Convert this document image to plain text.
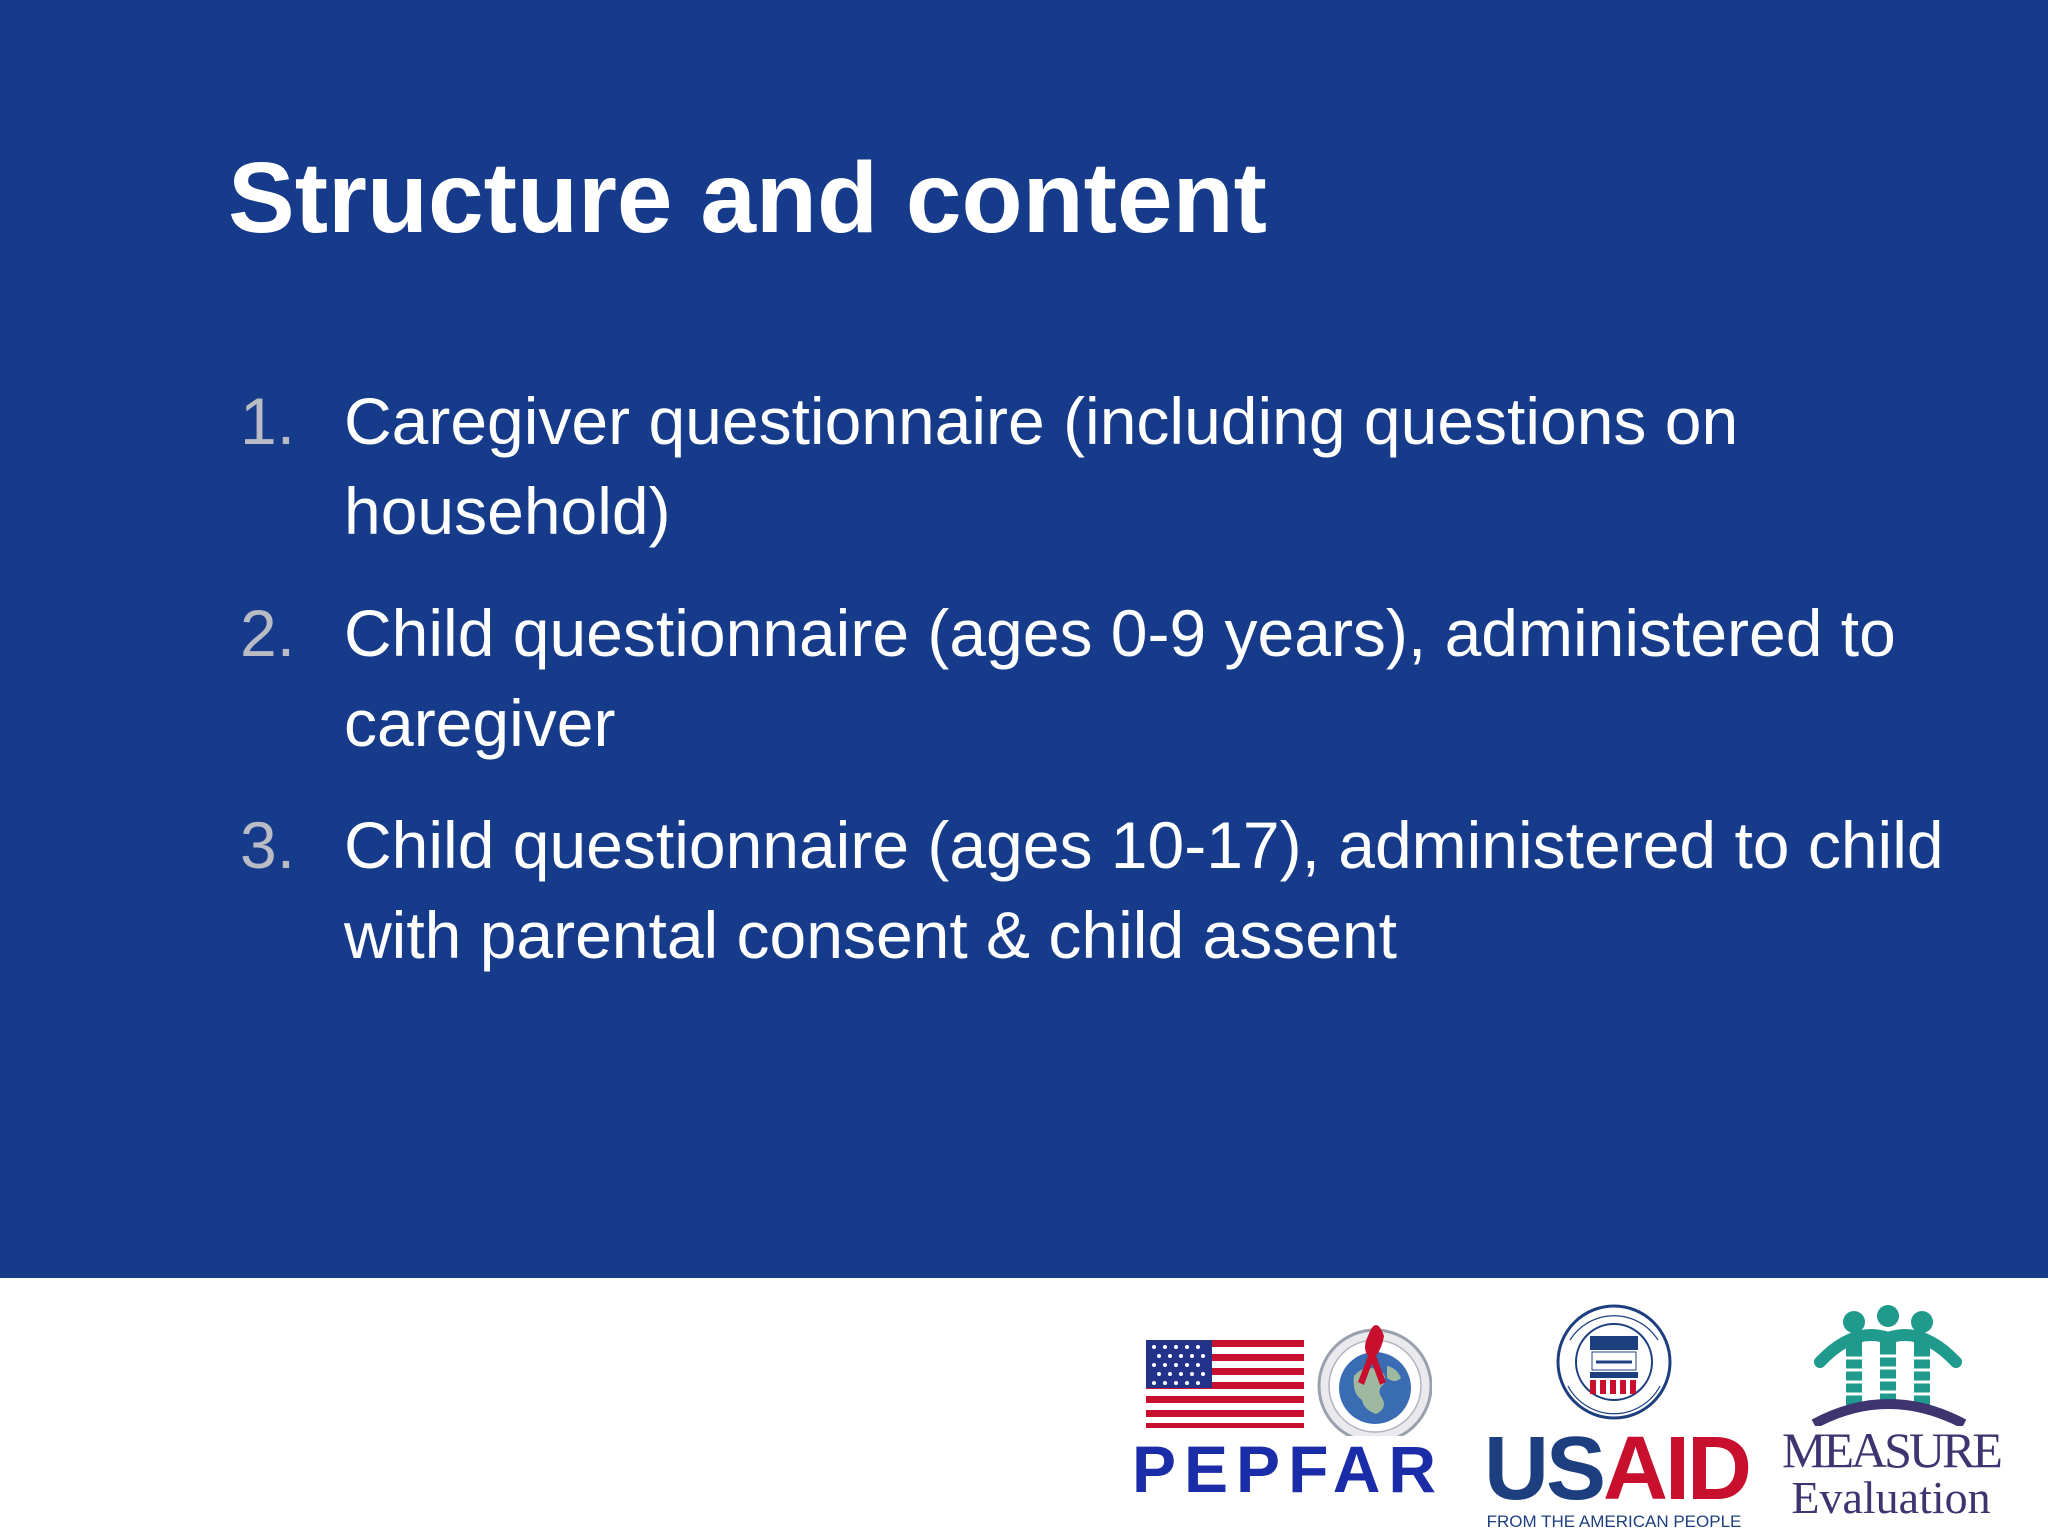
Structure and content
1. Caregiver questionnaire (including questions on household)
2. Child questionnaire (ages 0-9 years), administered to caregiver
3. Child questionnaire (ages 10-17), administered to child with parental consent & child assent
PEPFAR USAID
FROM THE AMERICAN PEOPLE
MEASURE
Evaluation
